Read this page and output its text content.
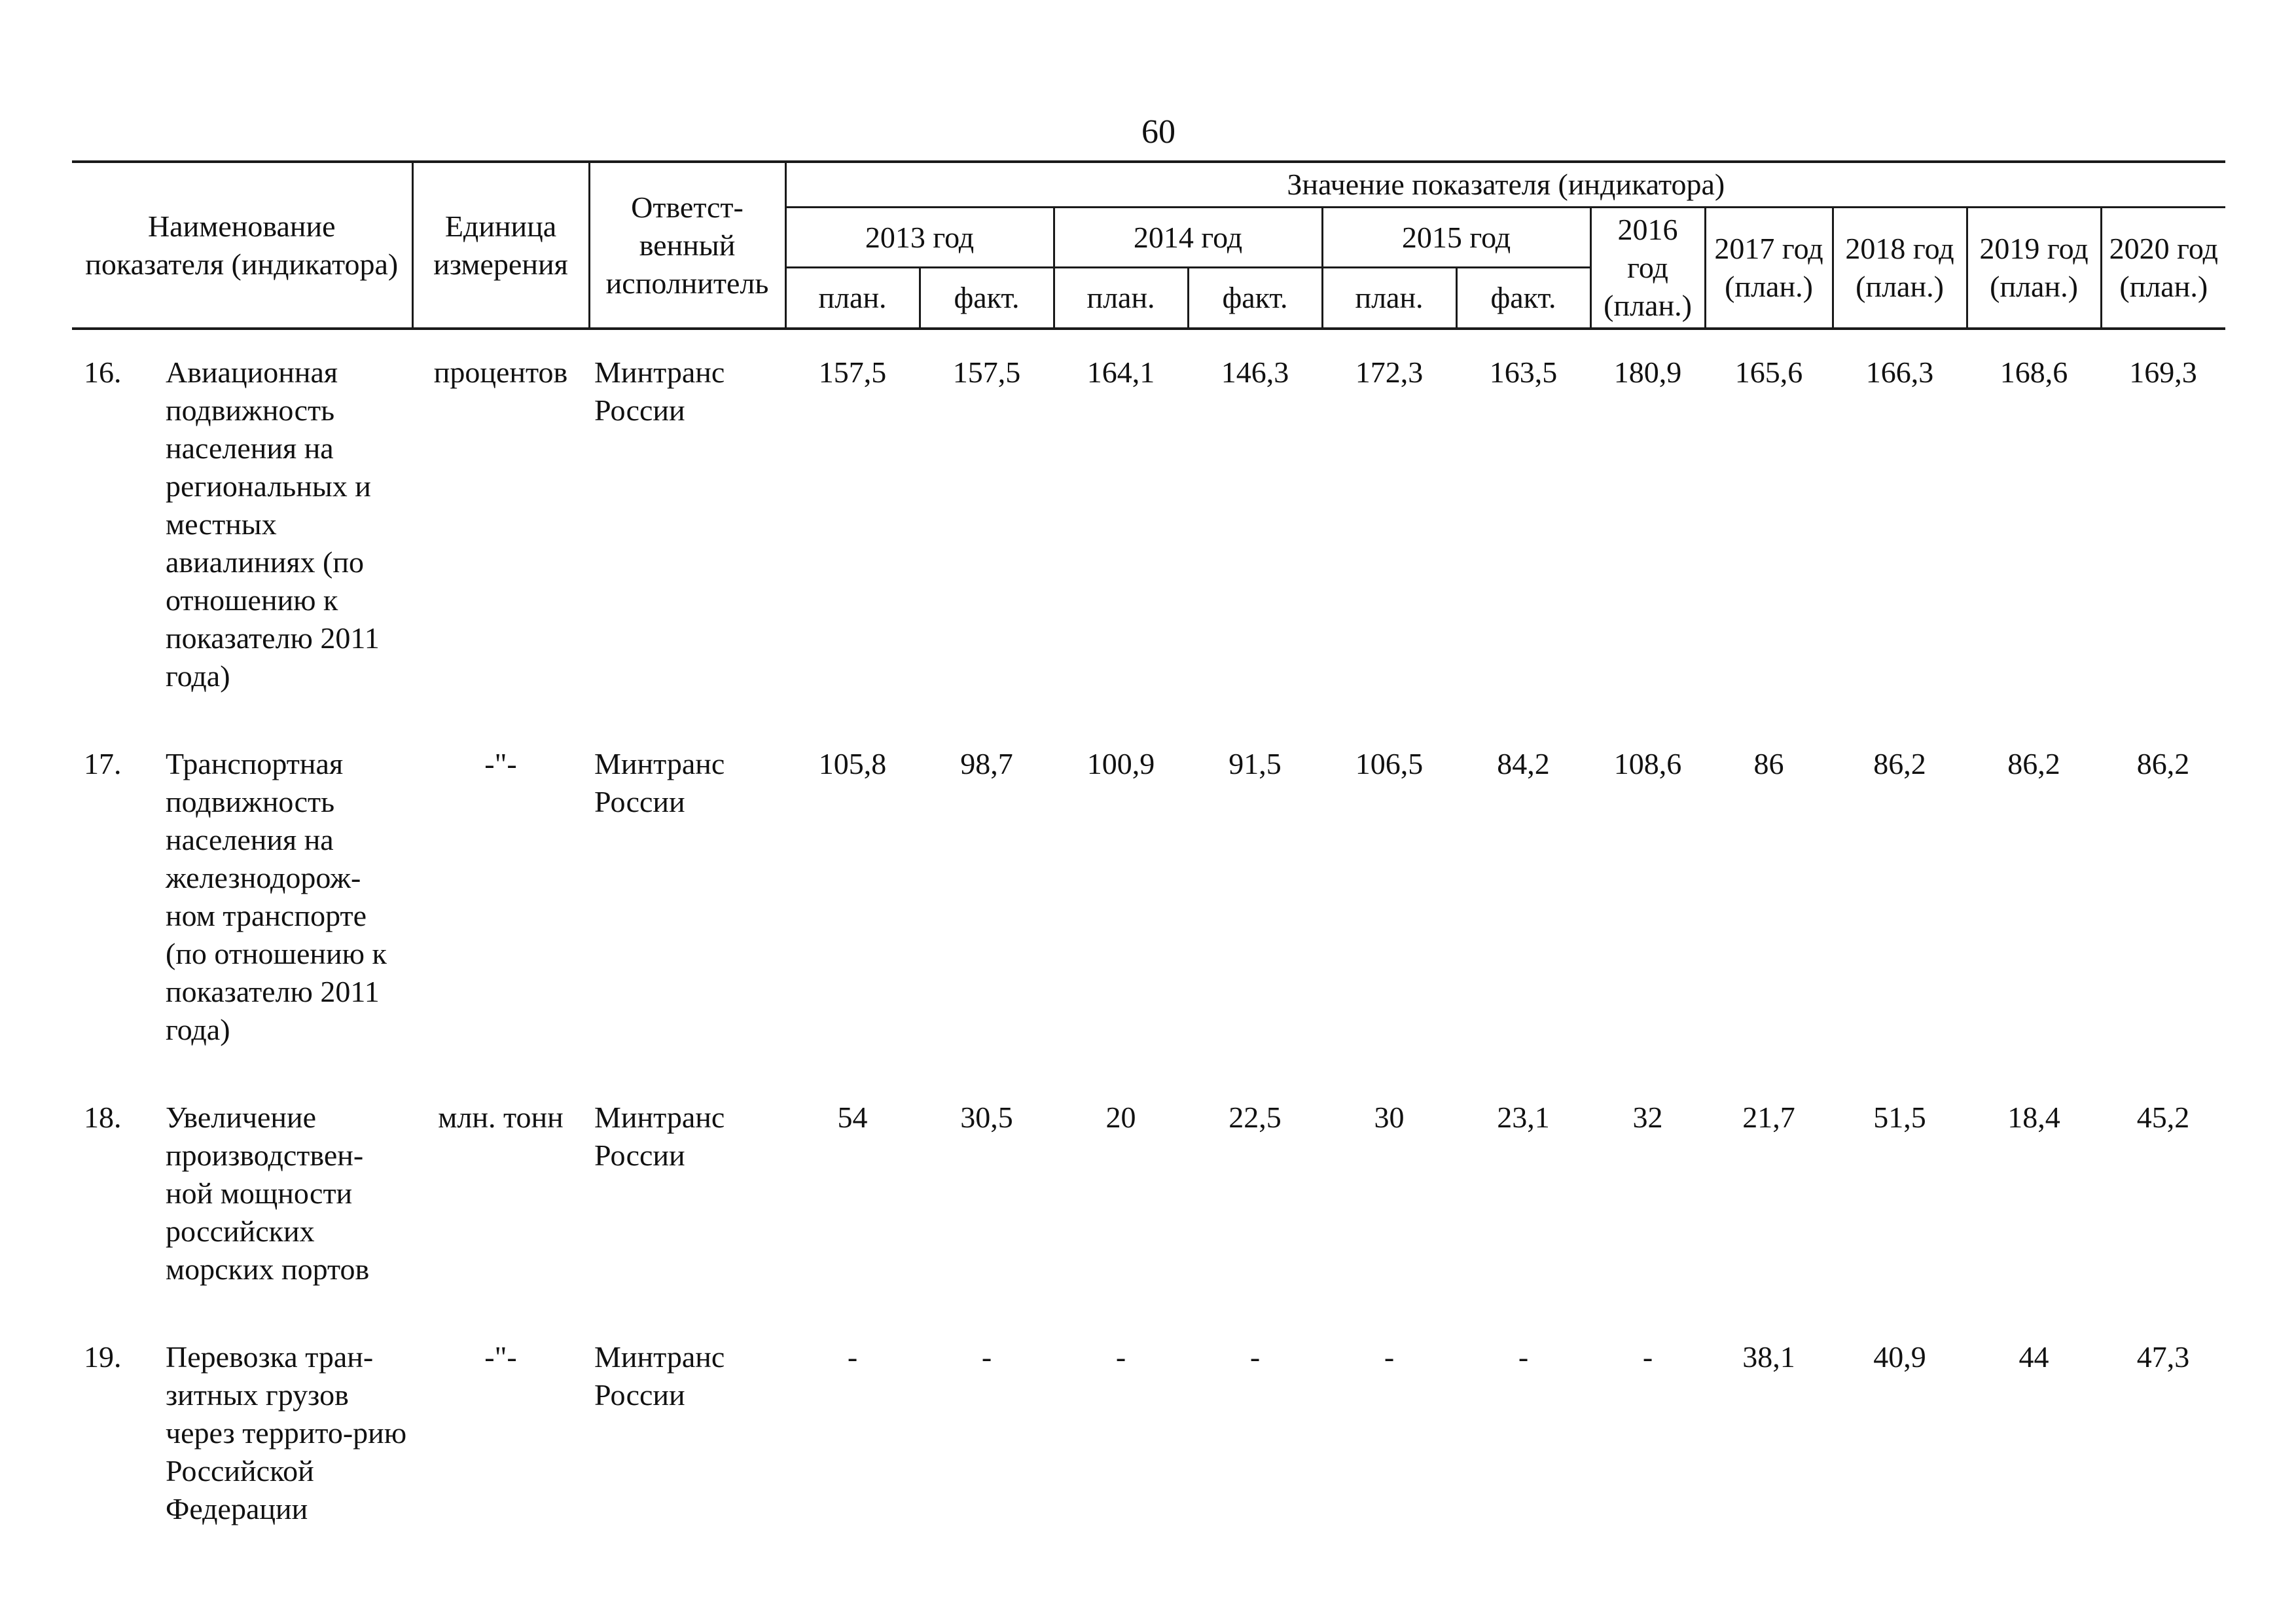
60
Наименование показателя (индикатора)		Единица измерения	Ответст-венный исполнитель	Значение показателя (индикатора)										
				2013 год		2014 год		2015 год		2016 год (план.)	2017 год (план.)	2018 год (план.)	2019 год (план.)	2020 год (план.)
				план.	факт.	план.	факт.	план.	факт.					
16.	Авиационная подвижность населения на региональных и местных авиалиниях (по отношению к показателю 2011 года)	процентов	Минтранс России	157,5	157,5	164,1	146,3	172,3	163,5	180,9	165,6	166,3	168,6	169,3
17.	Транспортная подвижность населения на железнодорож-ном транспорте (по отношению к показателю 2011 года)	-"-	Минтранс России	105,8	98,7	100,9	91,5	106,5	84,2	108,6	86	86,2	86,2	86,2
18.	Увеличение производствен-ной мощности российских морских портов	млн. тонн	Минтранс России	54	30,5	20	22,5	30	23,1	32	21,7	51,5	18,4	45,2
19.	Перевозка тран-зитных грузов через террито-рию Российской Федерации	-"-	Минтранс России	-	-	-	-	-	-	-	38,1	40,9	44	47,3
